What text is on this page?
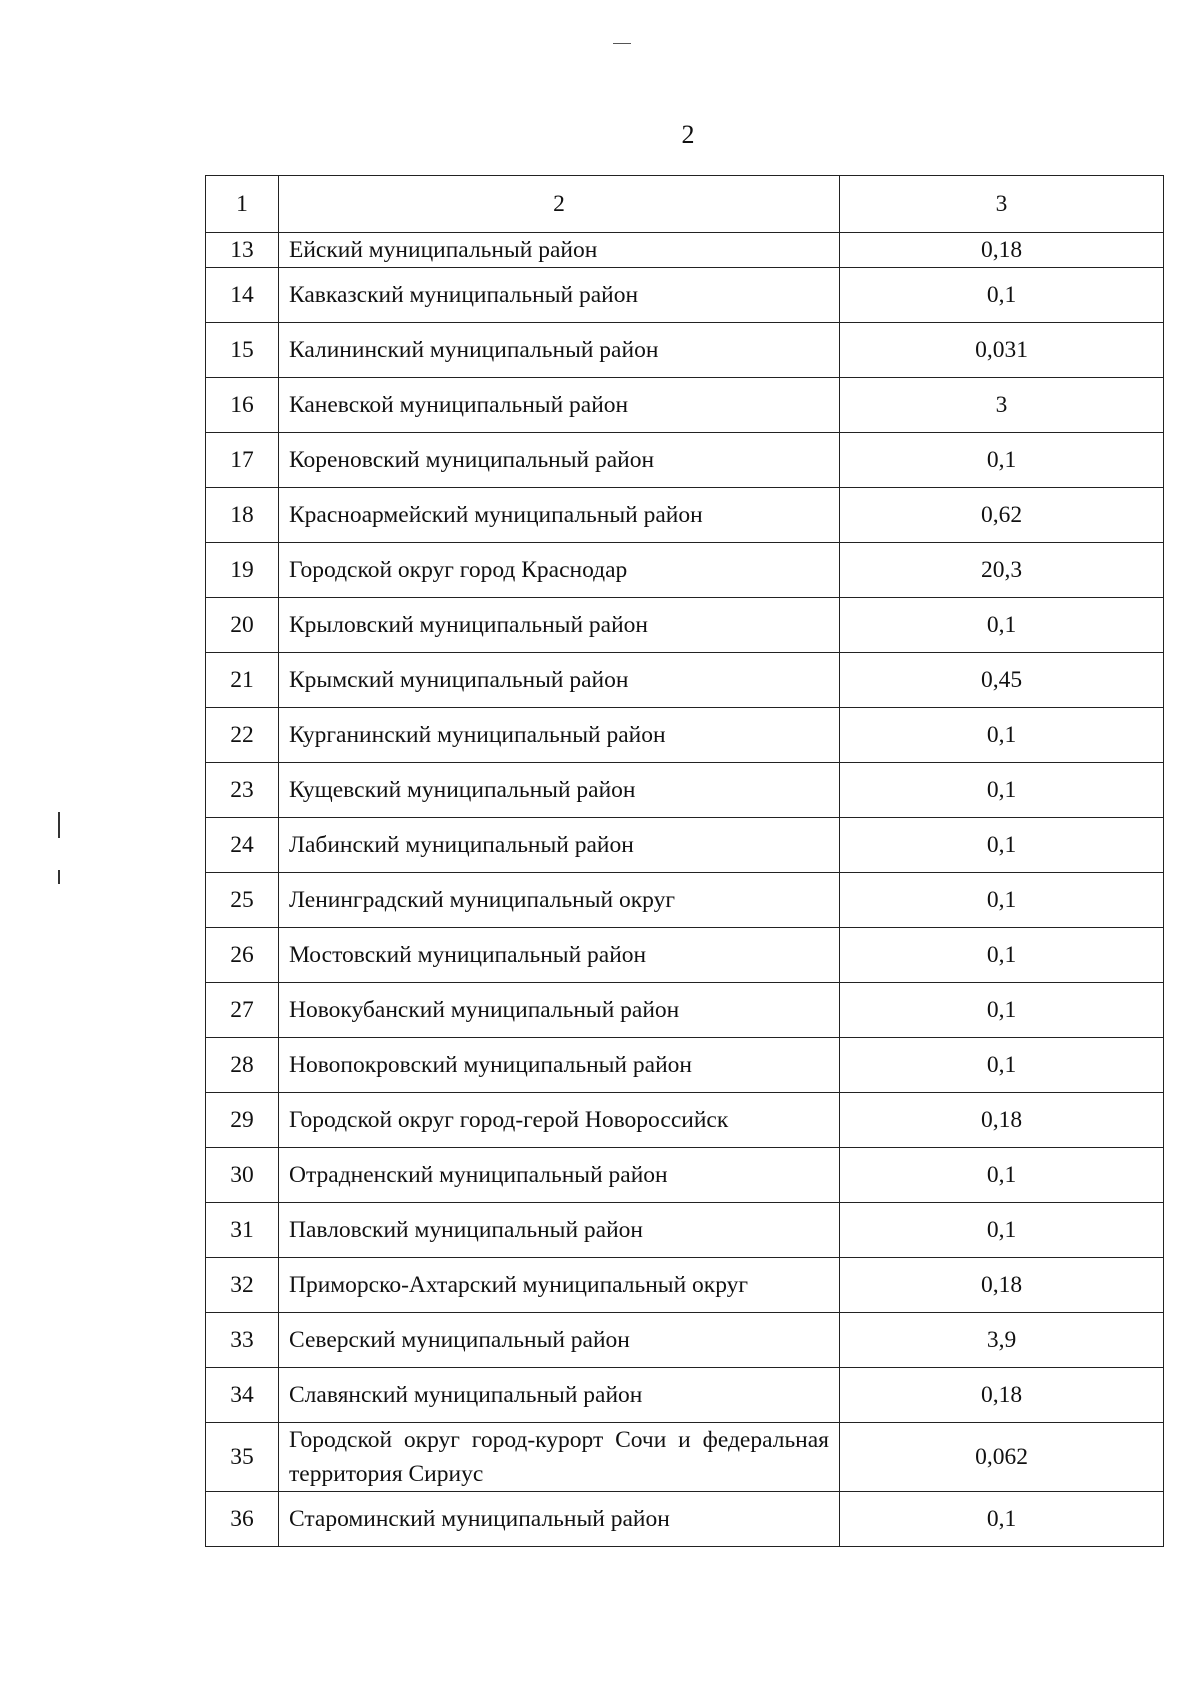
2
1	2	3
13	Ейский муниципальный район	0,18
14	Кавказский муниципальный район	0,1
15	Калининский муниципальный район	0,031
16	Каневской муниципальный район	3
17	Кореновский муниципальный район	0,1
18	Красноармейский муниципальный район	0,62
19	Городской округ город Краснодар	20,3
20	Крыловский муниципальный район	0,1
21	Крымский муниципальный район	0,45
22	Курганинский муниципальный район	0,1
23	Кущевский муниципальный район	0,1
24	Лабинский муниципальный район	0,1
25	Ленинградский муниципальный округ	0,1
26	Мостовский муниципальный район	0,1
27	Новокубанский муниципальный район	0,1
28	Новопокровский муниципальный район	0,1
29	Городской округ город-герой Новороссийск	0,18
30	Отрадненский муниципальный район	0,1
31	Павловский муниципальный район	0,1
32	Приморско-Ахтарский муниципальный округ	0,18
33	Северский муниципальный район	3,9
34	Славянский муниципальный район	0,18
35	Городской округ город-курорт Сочи и федеральная территория Сириус	0,062
36	Староминский муниципальный район	0,1
